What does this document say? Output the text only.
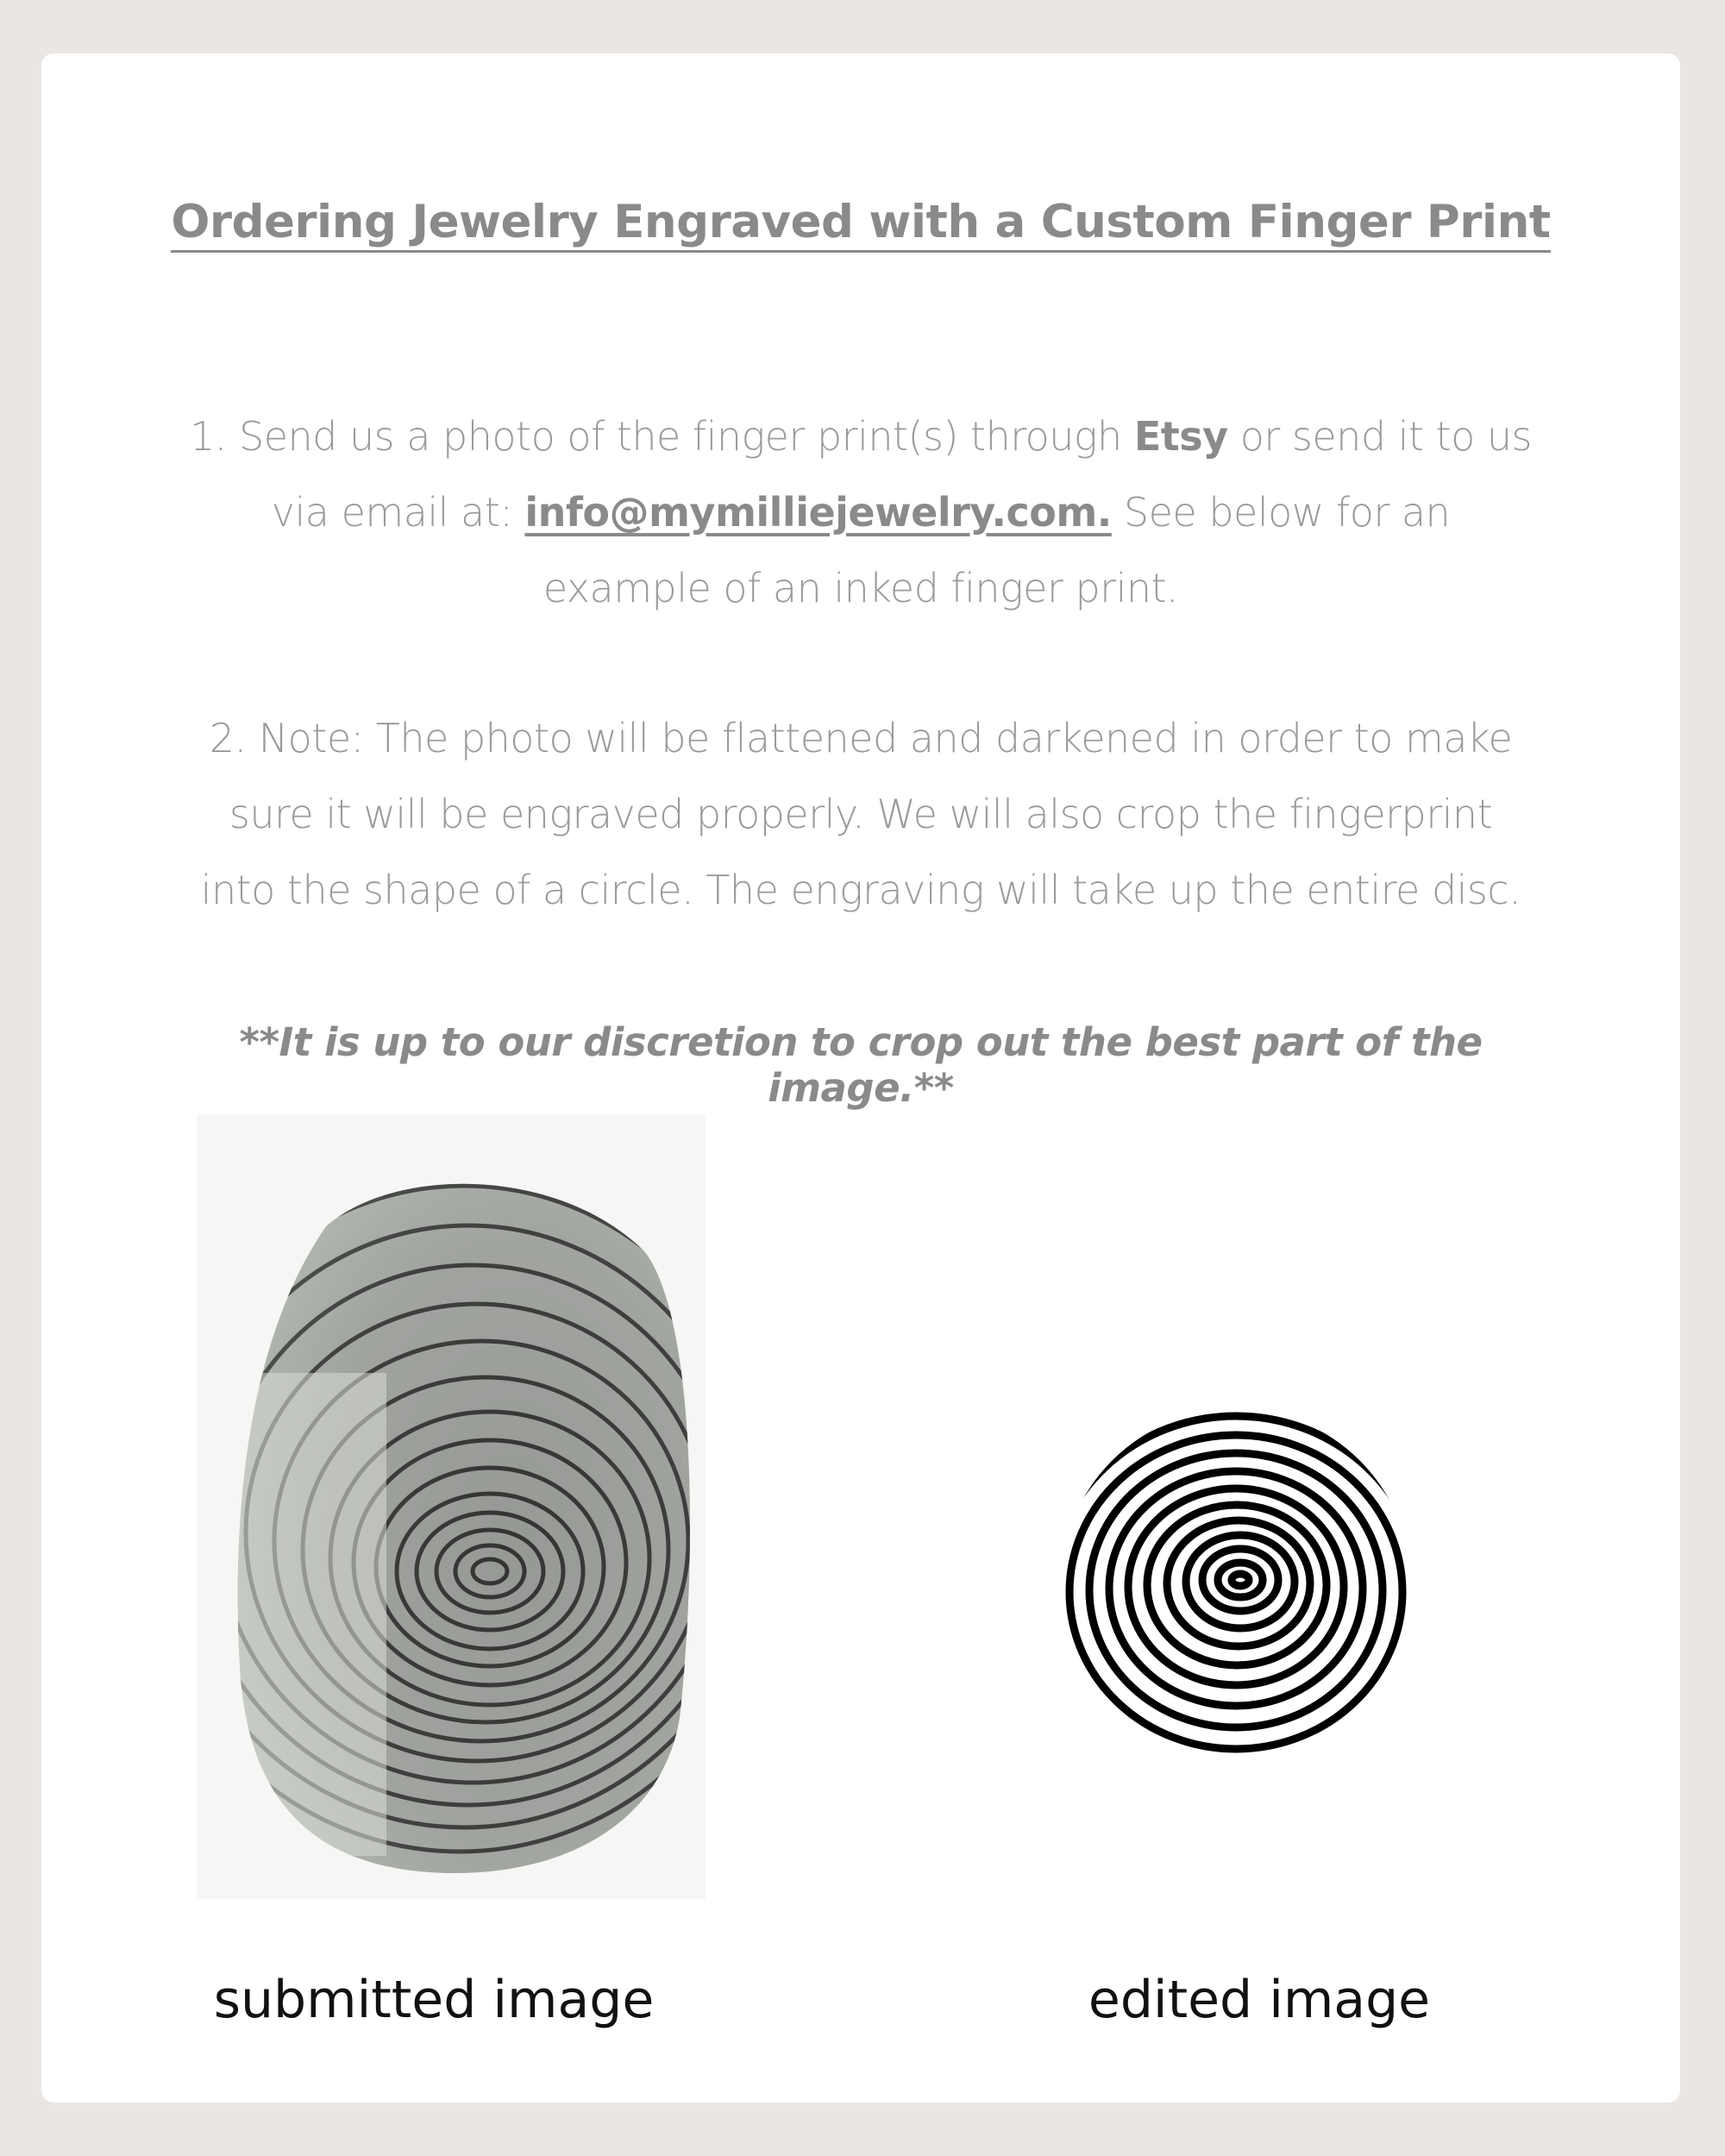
Ordering Jewelry Engraved with a Custom Finger Print
1. Send us a photo of the finger print(s) through Etsy or send it to us
via email at: info@mymilliejewelry.com. See below for an
example of an inked finger print.
2. Note: The photo will be flattened and darkened in order to make
sure it will be engraved properly. We will also crop the fingerprint
into the shape of a circle. The engraving will take up the entire disc.
**It is up to our discretion to crop out the best part of the image.**
submitted image	edited image
